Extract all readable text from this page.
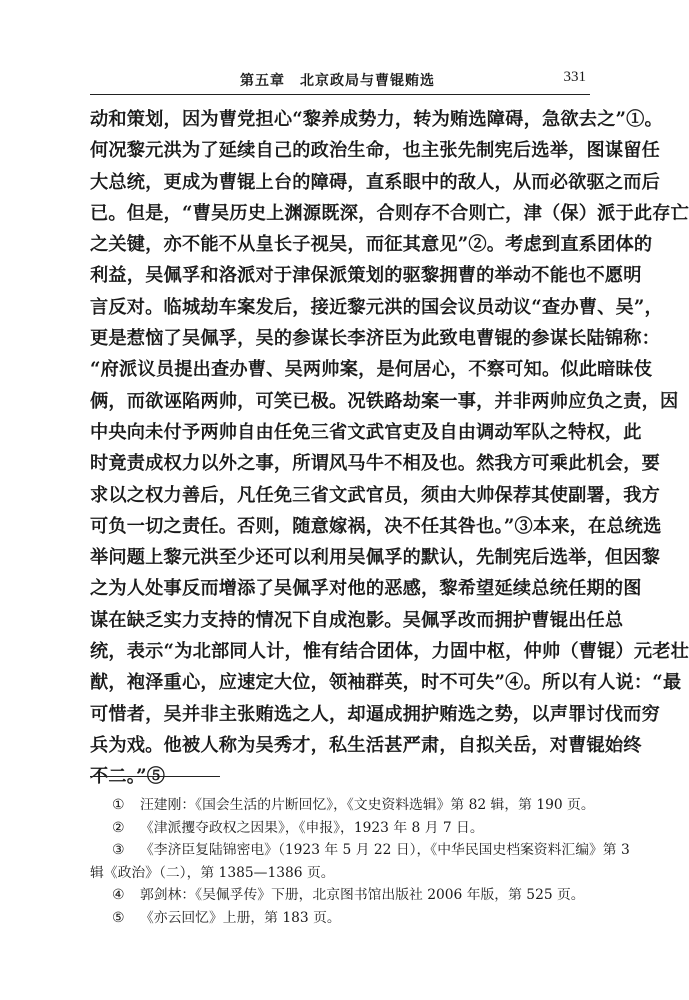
第五章　北京政局与曹锟贿选	331
动和策划，因为曹党担心“黎养成势力，转为贿选障碍，急欲去之”①。
何况黎元洪为了延续自己的政治生命，也主张先制宪后选举，图谋留任
大总统，更成为曹锟上台的障碍，直系眼中的敌人，从而必欲驱之而后
已。但是，“曹吴历史上渊源既深，合则存不合则亡，津（保）派于此存亡
之关键，亦不能不从皇长子视吴，而征其意见”②。考虑到直系团体的
利益，吴佩孚和洛派对于津保派策划的驱黎拥曹的举动不能也不愿明
言反对。临城劫车案发后，接近黎元洪的国会议员动议“查办曹、吴”，
更是惹恼了吴佩孚，吴的参谋长李济臣为此致电曹锟的参谋长陆锦称：
“府派议员提出查办曹、吴两帅案，是何居心，不察可知。似此暗昧伎
俩，而欲诬陷两帅，可笑已极。况铁路劫案一事，并非两帅应负之责，因
中央向未付予两帅自由任免三省文武官吏及自由调动军队之特权，此
时竟责成权力以外之事，所谓风马牛不相及也。然我方可乘此机会，要
求以之权力善后，凡任免三省文武官员，须由大帅保荐其使副署，我方
可负一切之责任。否则，随意嫁祸，决不任其咎也。”③本来，在总统选
举问题上黎元洪至少还可以利用吴佩孚的默认，先制宪后选举，但因黎
之为人处事反而增添了吴佩孚对他的恶感，黎希望延续总统任期的图
谋在缺乏实力支持的情况下自成泡影。吴佩孚改而拥护曹锟出任总
统，表示“为北部同人计，惟有结合团体，力固中枢，仲帅（曹锟）元老壮
猷，袍泽重心，应速定大位，领袖群英，时不可失”④。所以有人说：“最
可惜者，吴并非主张贿选之人，却逼成拥护贿选之势，以声罪讨伐而穷
兵为戏。他被人称为吴秀才，私生活甚严肃，自拟关岳，对曹锟始终
不二。”⑤
① 汪建刚：《国会生活的片断回忆》，《文史资料选辑》第 82 辑，第 190 页。
② 《津派攫夺政权之因果》，《申报》，1923 年 8 月 7 日。
③ 《李济臣复陆锦密电》（1923 年 5 月 22 日），《中华民国史档案资料汇编》第 3
辑《政治》（二），第 1385—1386 页。
④ 郭剑林：《吴佩孚传》下册，北京图书馆出版社 2006 年版，第 525 页。
⑤ 《亦云回忆》上册，第 183 页。
